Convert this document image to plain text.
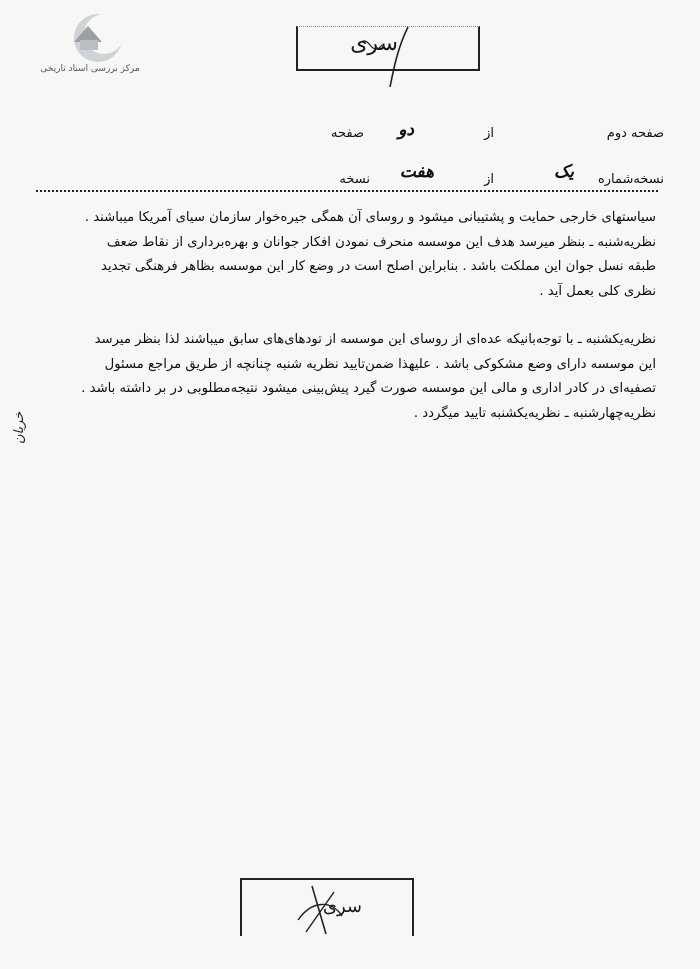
مرکز بررسی اسناد تاریخی
سری
صفحه دوم
از
دو
صفحه
نسخه‌شماره
یک
از
هفت
نسخه

سیاستهای خارجی حمایت و پشتیبانی میشود و روسای آن همگی جیره‌خوار سازمان سیای آمریکا میباشند .

نظریه‌شنبه ـ بنظر میرسد هدف این موسسه منحرف نمودن افکار جوانان و بهره‌برداری از نقاط ضعف

طبقه نسل جوان این مملکت باشد . بنابراین اصلح است در وضع کار این موسسه بظاهر فرهنگی تجدید

نظری کلی بعمل آید .

نظریه‌یکشنبه ـ با توجه‌بانیکه عده‌ای از روسای این موسسه از تودهای‌های سابق میباشند لذا بنظر میرسد

این موسسه دارای وضع مشکوکی باشد . علیهذا ضمن‌تایید نظریه شنبه چنانچه از طریق مراجع مسئول

تصفیه‌ای در کادر اداری و مالی این موسسه صورت گیرد پیش‌بینی میشود نتیجه‌مطلوبی در بر داشته باشد .

نظریه‌چهارشنبه ـ نظریه‌یکشنبه تایید میگردد .

خریان
سری
